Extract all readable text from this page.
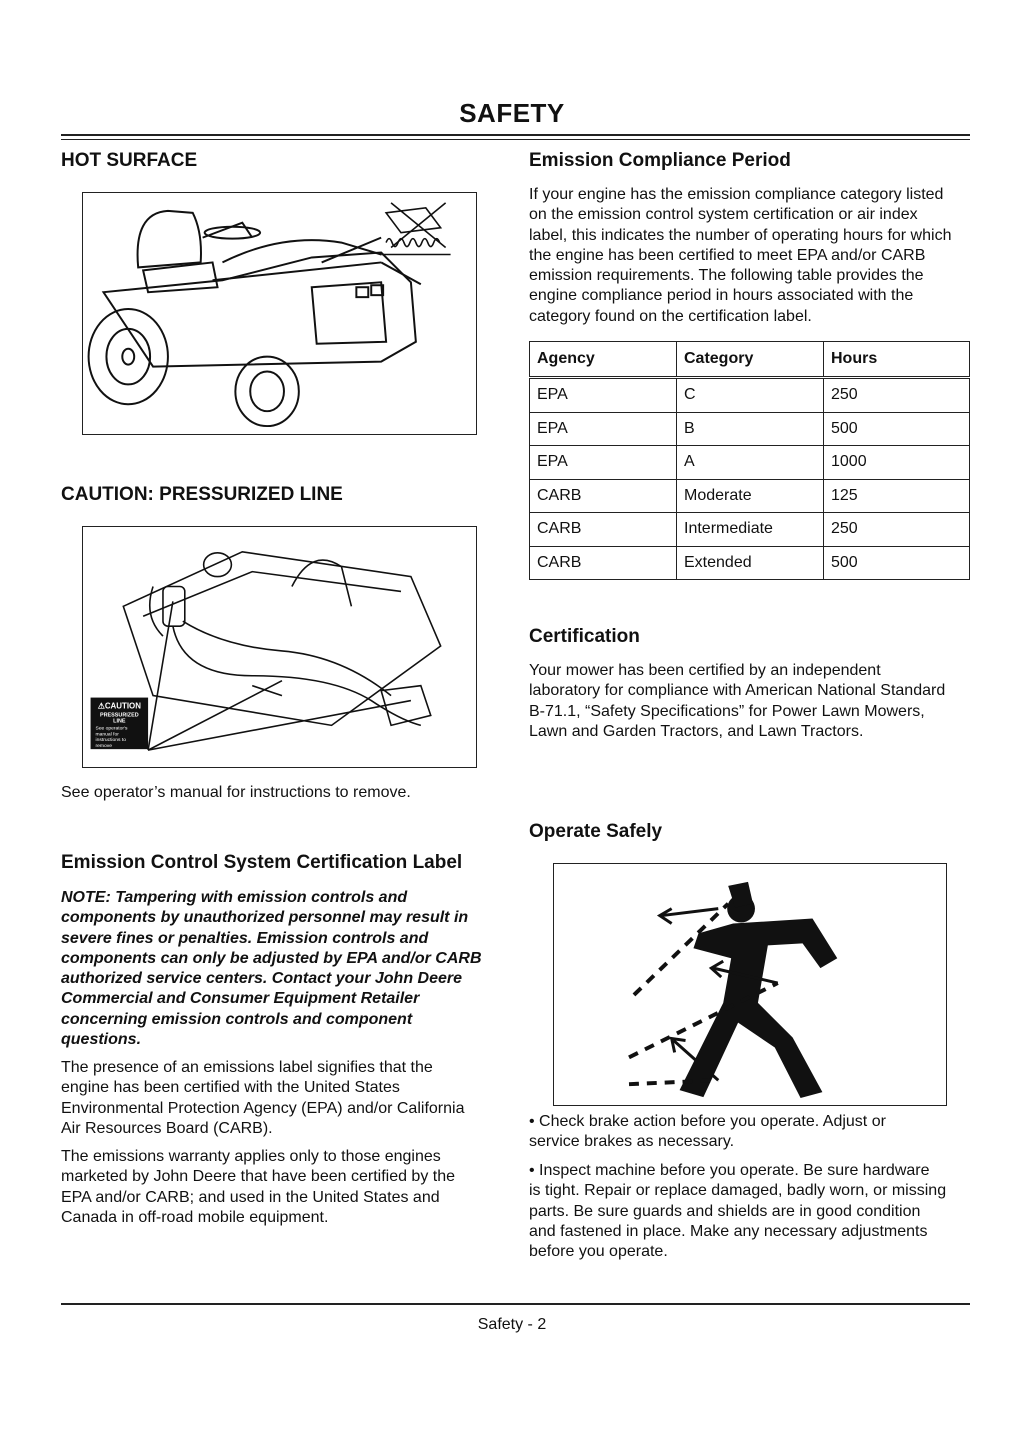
SAFETY
HOT SURFACE
CAUTION: PRESSURIZED LINE
⚠CAUTION
PRESSURIZED
LINE
See operator's
manual for
instructions to
remove
See operator’s manual for instructions to remove.
Emission Control System Certification Label
NOTE: Tampering with emission controls and
components by unauthorized personnel may result in
severe fines or penalties. Emission controls and
components can only be adjusted by EPA and/or CARB
authorized service centers. Contact your John Deere
Commercial and Consumer Equipment Retailer
concerning emission controls and component
questions.
The presence of an emissions label signifies that the
engine has been certified with the United States
Environmental Protection Agency (EPA) and/or California
Air Resources Board (CARB).
The emissions warranty applies only to those engines
marketed by John Deere that have been certified by the
EPA and/or CARB; and used in the United States and
Canada in off-road mobile equipment.
Emission Compliance Period
If your engine has the emission compliance category listed
on the emission control system certification or air index
label, this indicates the number of operating hours for which
the engine has been certified to meet EPA and/or CARB
emission requirements. The following table provides the
engine compliance period in hours associated with the
category found on the certification label.
Agency	Category	Hours
EPA	C	250
EPA	B	500
EPA	A	1000
CARB	Moderate	125
CARB	Intermediate	250
CARB	Extended	500
Certification
Your mower has been certified by an independent
laboratory for compliance with American National Standard
B-71.1, “Safety Specifications” for Power Lawn Mowers,
Lawn and Garden Tractors, and Lawn Tractors.
Operate Safely
• Check brake action before you operate. Adjust or
service brakes as necessary.
• Inspect machine before you operate. Be sure hardware
is tight. Repair or replace damaged, badly worn, or missing
parts. Be sure guards and shields are in good condition
and fastened in place. Make any necessary adjustments
before you operate.
Safety - 2
